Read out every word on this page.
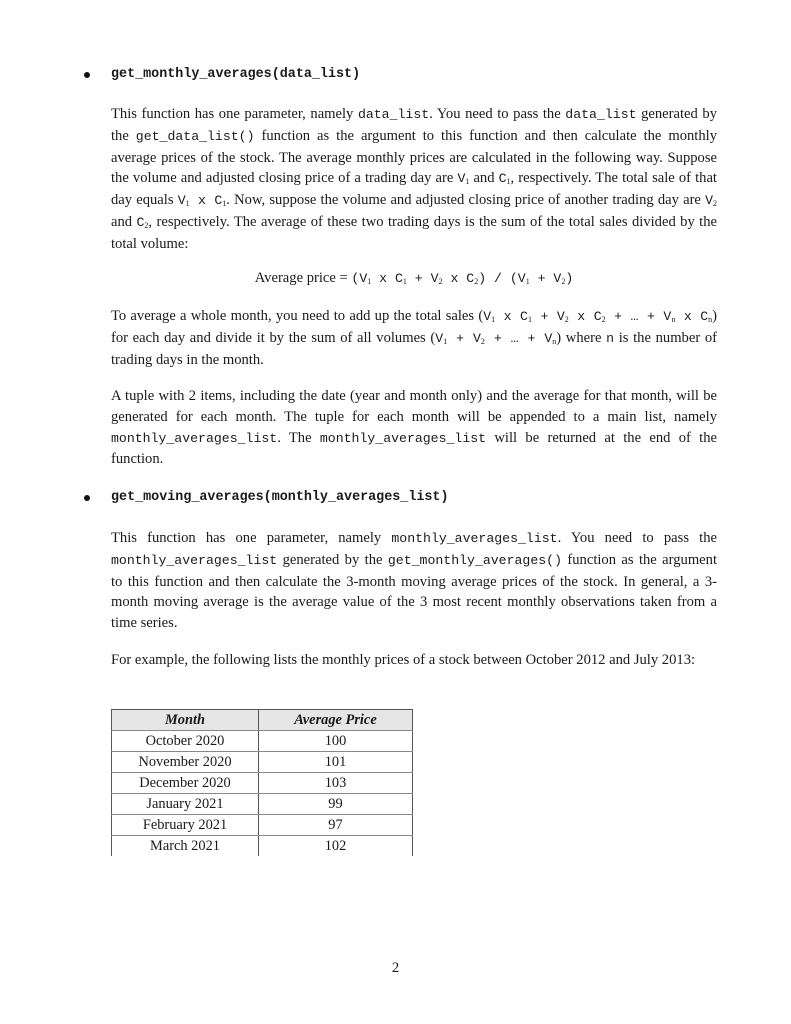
get_monthly_averages(data_list)
This function has one parameter, namely data_list. You need to pass the data_list generated by the get_data_list() function as the argument to this function and then calculate the monthly average prices of the stock. The average monthly prices are calculated in the following way. Suppose the volume and adjusted closing price of a trading day are $V_1$ and $C_1$, respectively. The total sale of that day equals $V_1$ x $C_1$. Now, suppose the volume and adjusted closing price of another trading day are $V_2$ and $C_2$, respectively. The average of these two trading days is the sum of the total sales divided by the total volume:
Average price = ($V_1$ x $C_1 + V_2$ x $C_2) / (V_1 + V_2)$
To average a whole month, you need to add up the total sales ($V_1$ x $C_1 + V_2$ x $C_2$ + … + $V_n$ x $C_n$) for each day and divide it by the sum of all volumes ($V_1 + V_2$ + … + $V_n$) where n is the number of trading days in the month.
A tuple with 2 items, including the date (year and month only) and the average for that month, will be generated for each month. The tuple for each month will be appended to a main list, namely monthly_averages_list. The monthly_averages_list will be returned at the end of the function.
get_moving_averages(monthly_averages_list)
This function has one parameter, namely monthly_averages_list. You need to pass the monthly_averages_list generated by the get_monthly_averages() function as the argument to this function and then calculate the 3-month moving average prices of the stock. In general, a 3-month moving average is the average value of the 3 most recent monthly observations taken from a time series.
For example, the following lists the monthly prices of a stock between October 2012 and July 2013:
Month	Average Price
October 2020	100
November 2020	101
December 2020	103
January 2021	99
February 2021	97
March 2021	102
2
